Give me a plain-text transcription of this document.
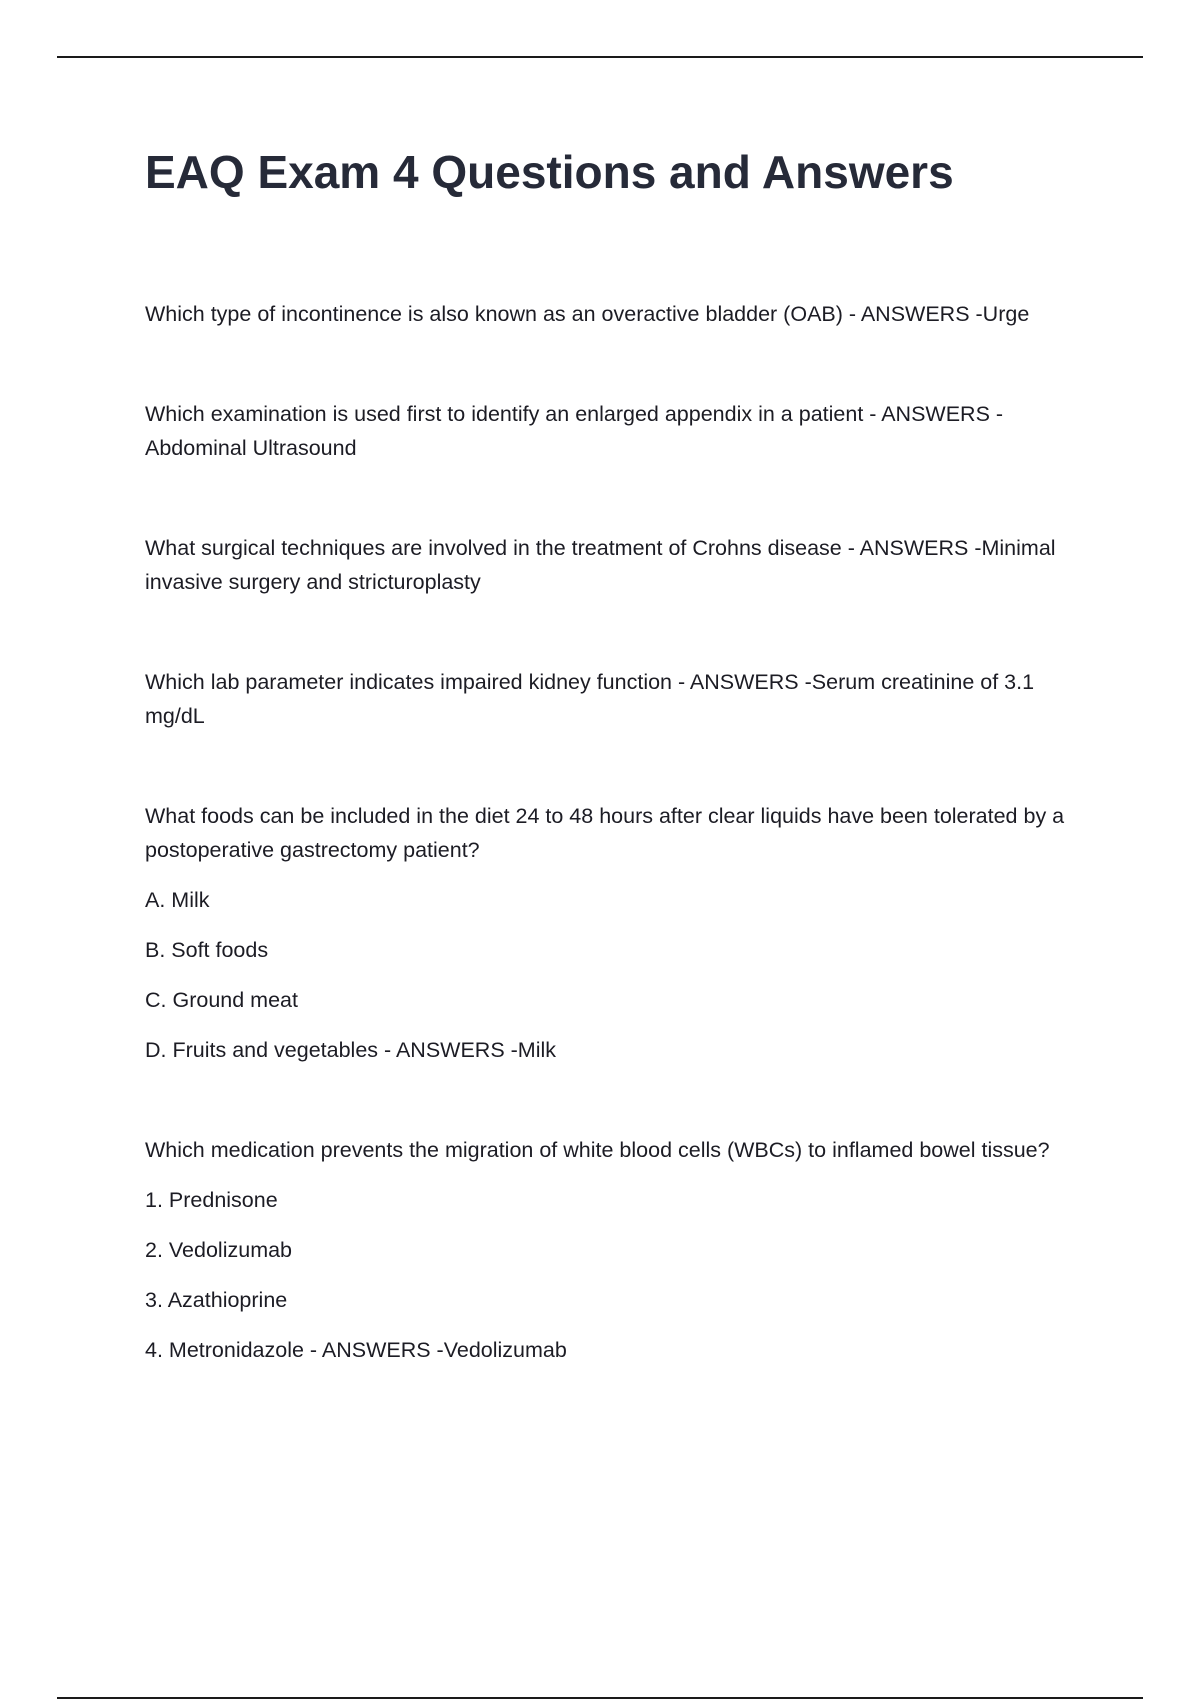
EAQ Exam 4 Questions and Answers

Which type of incontinence is also known as an overactive bladder (OAB) - ANSWERS -Urge

Which examination is used first to identify an enlarged appendix in a patient - ANSWERS -Abdominal Ultrasound

What surgical techniques are involved in the treatment of Crohns disease - ANSWERS -Minimal invasive surgery and stricturoplasty

Which lab parameter indicates impaired kidney function - ANSWERS -Serum creatinine of 3.1 mg/dL

What foods can be included in the diet 24 to 48 hours after clear liquids have been tolerated by a postoperative gastrectomy patient?

A. Milk

B. Soft foods

C. Ground meat

D. Fruits and vegetables - ANSWERS -Milk

Which medication prevents the migration of white blood cells (WBCs) to inflamed bowel tissue?

1. Prednisone

2. Vedolizumab

3. Azathioprine

4. Metronidazole - ANSWERS -Vedolizumab
